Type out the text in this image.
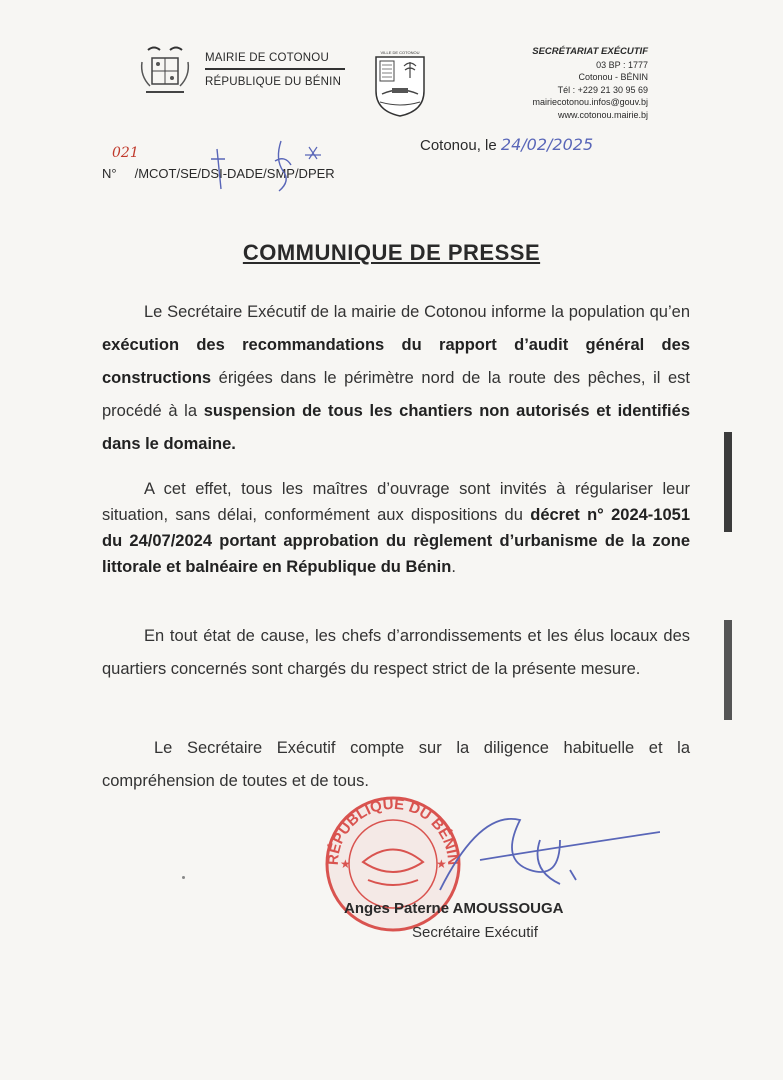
MAIRIE DE COTONOU
RÉPUBLIQUE DU BÉNIN
VILLE DE COTONOU	SECRÉTARIAT EXÉCUTIF
03 BP : 1777
Cotonou - BÉNIN
Tél : +229 21 30 95 69
mairiecotonou.infos@gouv.bj
www.cotonou.mairie.bj
Cotonou, le 24/02/2025
021
N° /MCOT/SE/DSI-DADE/SMP/DPER
COMMUNIQUE DE PRESSE
Le Secrétaire Exécutif de la mairie de Cotonou informe la population qu’en exécution des recommandations du rapport d’audit général des constructions érigées dans le périmètre nord de la route des pêches, il est procédé à la suspension de tous les chantiers non autorisés et identifiés dans le domaine.
A cet effet, tous les maîtres d’ouvrage sont invités à régulariser leur situation, sans délai, conformément aux dispositions du décret n° 2024-1051 du 24/07/2024 portant approbation du règlement d’urbanisme de la zone littorale et balnéaire en République du Bénin.
En tout état de cause, les chefs d’arrondissements et les élus locaux des quartiers concernés sont chargés du respect strict de la présente mesure.
Le Secrétaire Exécutif compte sur la diligence habituelle et la compréhension de toutes et de tous.
RÉPUBLIQUE DU BÉNIN
★	★
Anges Paterne AMOUSSOUGA
Secrétaire Exécutif
